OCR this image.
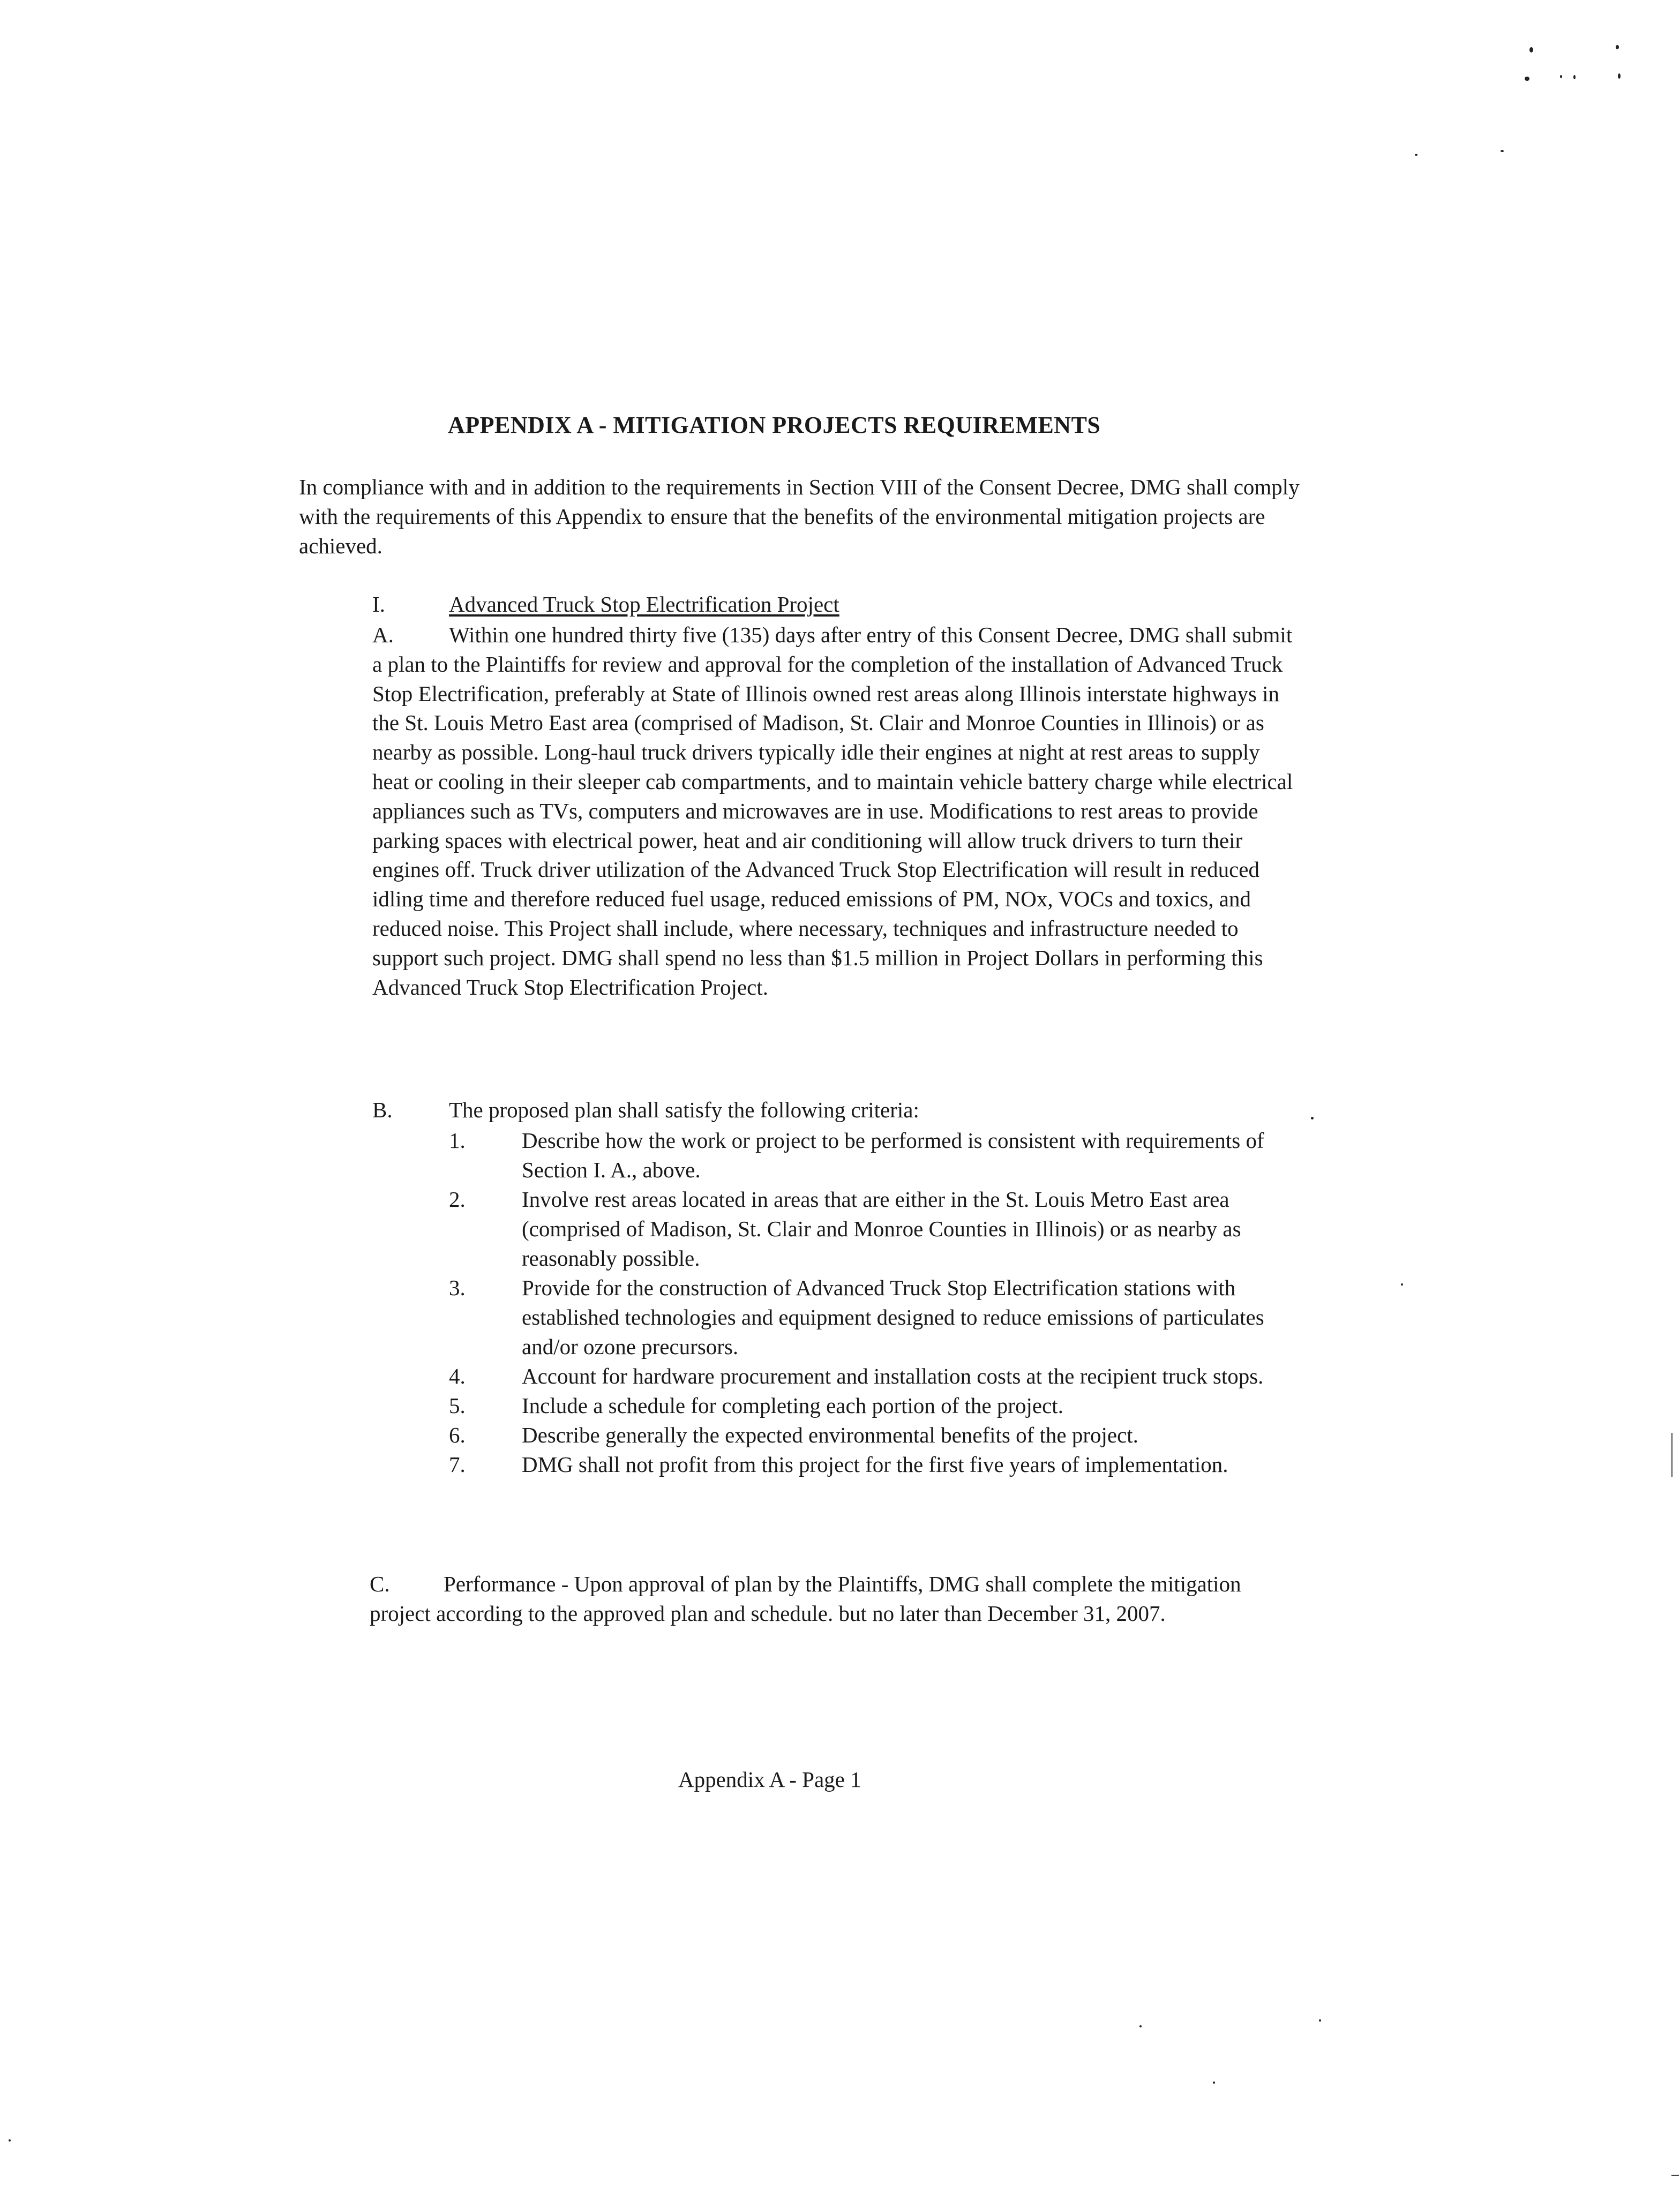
APPENDIX A - MITIGATION PROJECTS REQUIREMENTS
In compliance with and in addition to the requirements in Section VIII of the Consent Decree, DMG shall comply with the requirements of this Appendix to ensure that the benefits of the environmental mitigation projects are achieved.
I.	Advanced Truck Stop Electrification Project
A.	Within one hundred thirty five (135) days after entry of this Consent Decree, DMG shall submit a plan to the Plaintiffs for review and approval for the completion of the installation of Advanced Truck Stop Electrification, preferably at State of Illinois owned rest areas along Illinois interstate highways in the St. Louis Metro East area (comprised of Madison, St. Clair and Monroe Counties in Illinois) or as nearby as possible. Long-haul truck drivers typically idle their engines at night at rest areas to supply heat or cooling in their sleeper cab compartments, and to maintain vehicle battery charge while electrical appliances such as TVs, computers and microwaves are in use. Modifications to rest areas to provide parking spaces with electrical power, heat and air conditioning will allow truck drivers to turn their engines off. Truck driver utilization of the Advanced Truck Stop Electrification will result in reduced idling time and therefore reduced fuel usage, reduced emissions of PM, NOx, VOCs and toxics, and reduced noise. This Project shall include, where necessary, techniques and infrastructure needed to support such project. DMG shall spend no less than $1.5 million in Project Dollars in performing this Advanced Truck Stop Electrification Project.
B.	The proposed plan shall satisfy the following criteria:
1.	Describe how the work or project to be performed is consistent with requirements of Section I. A., above.
2.	Involve rest areas located in areas that are either in the St. Louis Metro East area (comprised of Madison, St. Clair and Monroe Counties in Illinois) or as nearby as reasonably possible.
3.	Provide for the construction of Advanced Truck Stop Electrification stations with established technologies and equipment designed to reduce emissions of particulates and/or ozone precursors.
4.	Account for hardware procurement and installation costs at the recipient truck stops.
5.	Include a schedule for completing each portion of the project.
6.	Describe generally the expected environmental benefits of the project.
7.	DMG shall not profit from this project for the first five years of implementation.
C. Performance - Upon approval of plan by the Plaintiffs, DMG shall complete the mitigation project according to the approved plan and schedule. but no later than December 31, 2007.
Appendix A - Page 1
